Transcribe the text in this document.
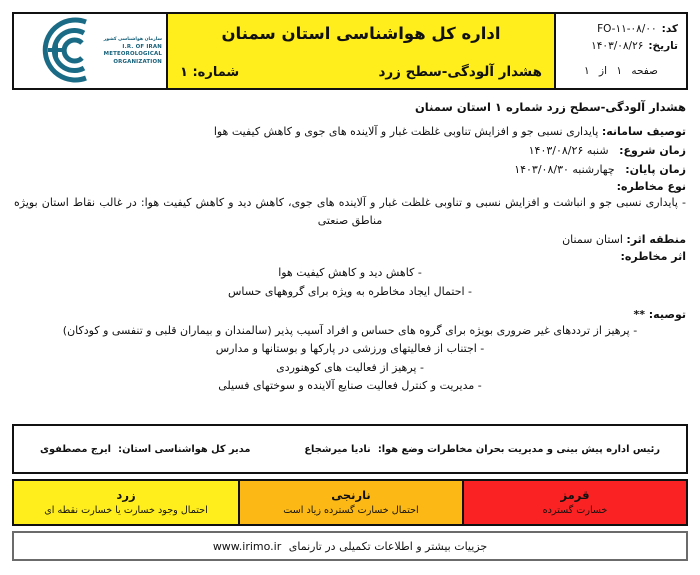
کد:
FO-۱۱-۰۸/۰۰
تاریخ:
۱۴۰۳/۰۸/۲۶
صفحه ۱ از ۱
اداره کل هواشناسی استان سمنان
هشدار آلودگی-سطح زرد
شماره: ۱
سازمان هواشناسی کشور
I.R. OF IRAN
METEOROLOGICAL
ORGANIZATION
هشدار آلودگی-سطح زرد شماره ۱ استان سمنان
توصیف سامانه: پایداری نسبی جو و افزایش تناوبی غلظت غبار و آلاینده های جوی و کاهش کیفیت هوا
زمان شروع: شنبه ۱۴۰۳/۰۸/۲۶
زمان پایان: چهارشنبه ۱۴۰۳/۰۸/۳۰
نوع مخاطره:
- پایداری نسبی جو و انباشت و افزایش نسبی و تناوبی غلظت غبار و آلاینده های جوی، کاهش دید و کاهش کیفیت هوا: در غالب نقاط استان بویژه مناطق صنعتی
منطقه اثر: استان سمنان
اثر مخاطره:
- کاهش دید و کاهش کیفیت هوا
- احتمال ایجاد مخاطره به ویژه برای گروههای حساس
توصیه: **
- پرهیز از ترددهای غیر ضروری بویژه برای گروه های حساس و افراد آسیب پذیر (سالمندان و بیماران قلبی و تنفسی و کودکان)
- اجتناب از فعالیتهای ورزشی در پارکها و بوستانها و مدارس
- پرهیز از فعالیت های کوهنوردی
- مدیریت و کنترل فعالیت صنایع آلاینده و سوختهای فسیلی
رئیس اداره پیش بینی و مدیریت بحران مخاطرات وضع هوا: نادیا میرشجاع
مدیر کل هواشناسی استان: ایرج مصطفوی
قرمز
خسارت گسترده
نارنجی
احتمال خسارت گسترده زیاد است
زرد
احتمال وجود خسارت یا خسارت نقطه ای
جزییات بیشتر و اطلاعات تکمیلی در تارنمای www.irimo.ir
